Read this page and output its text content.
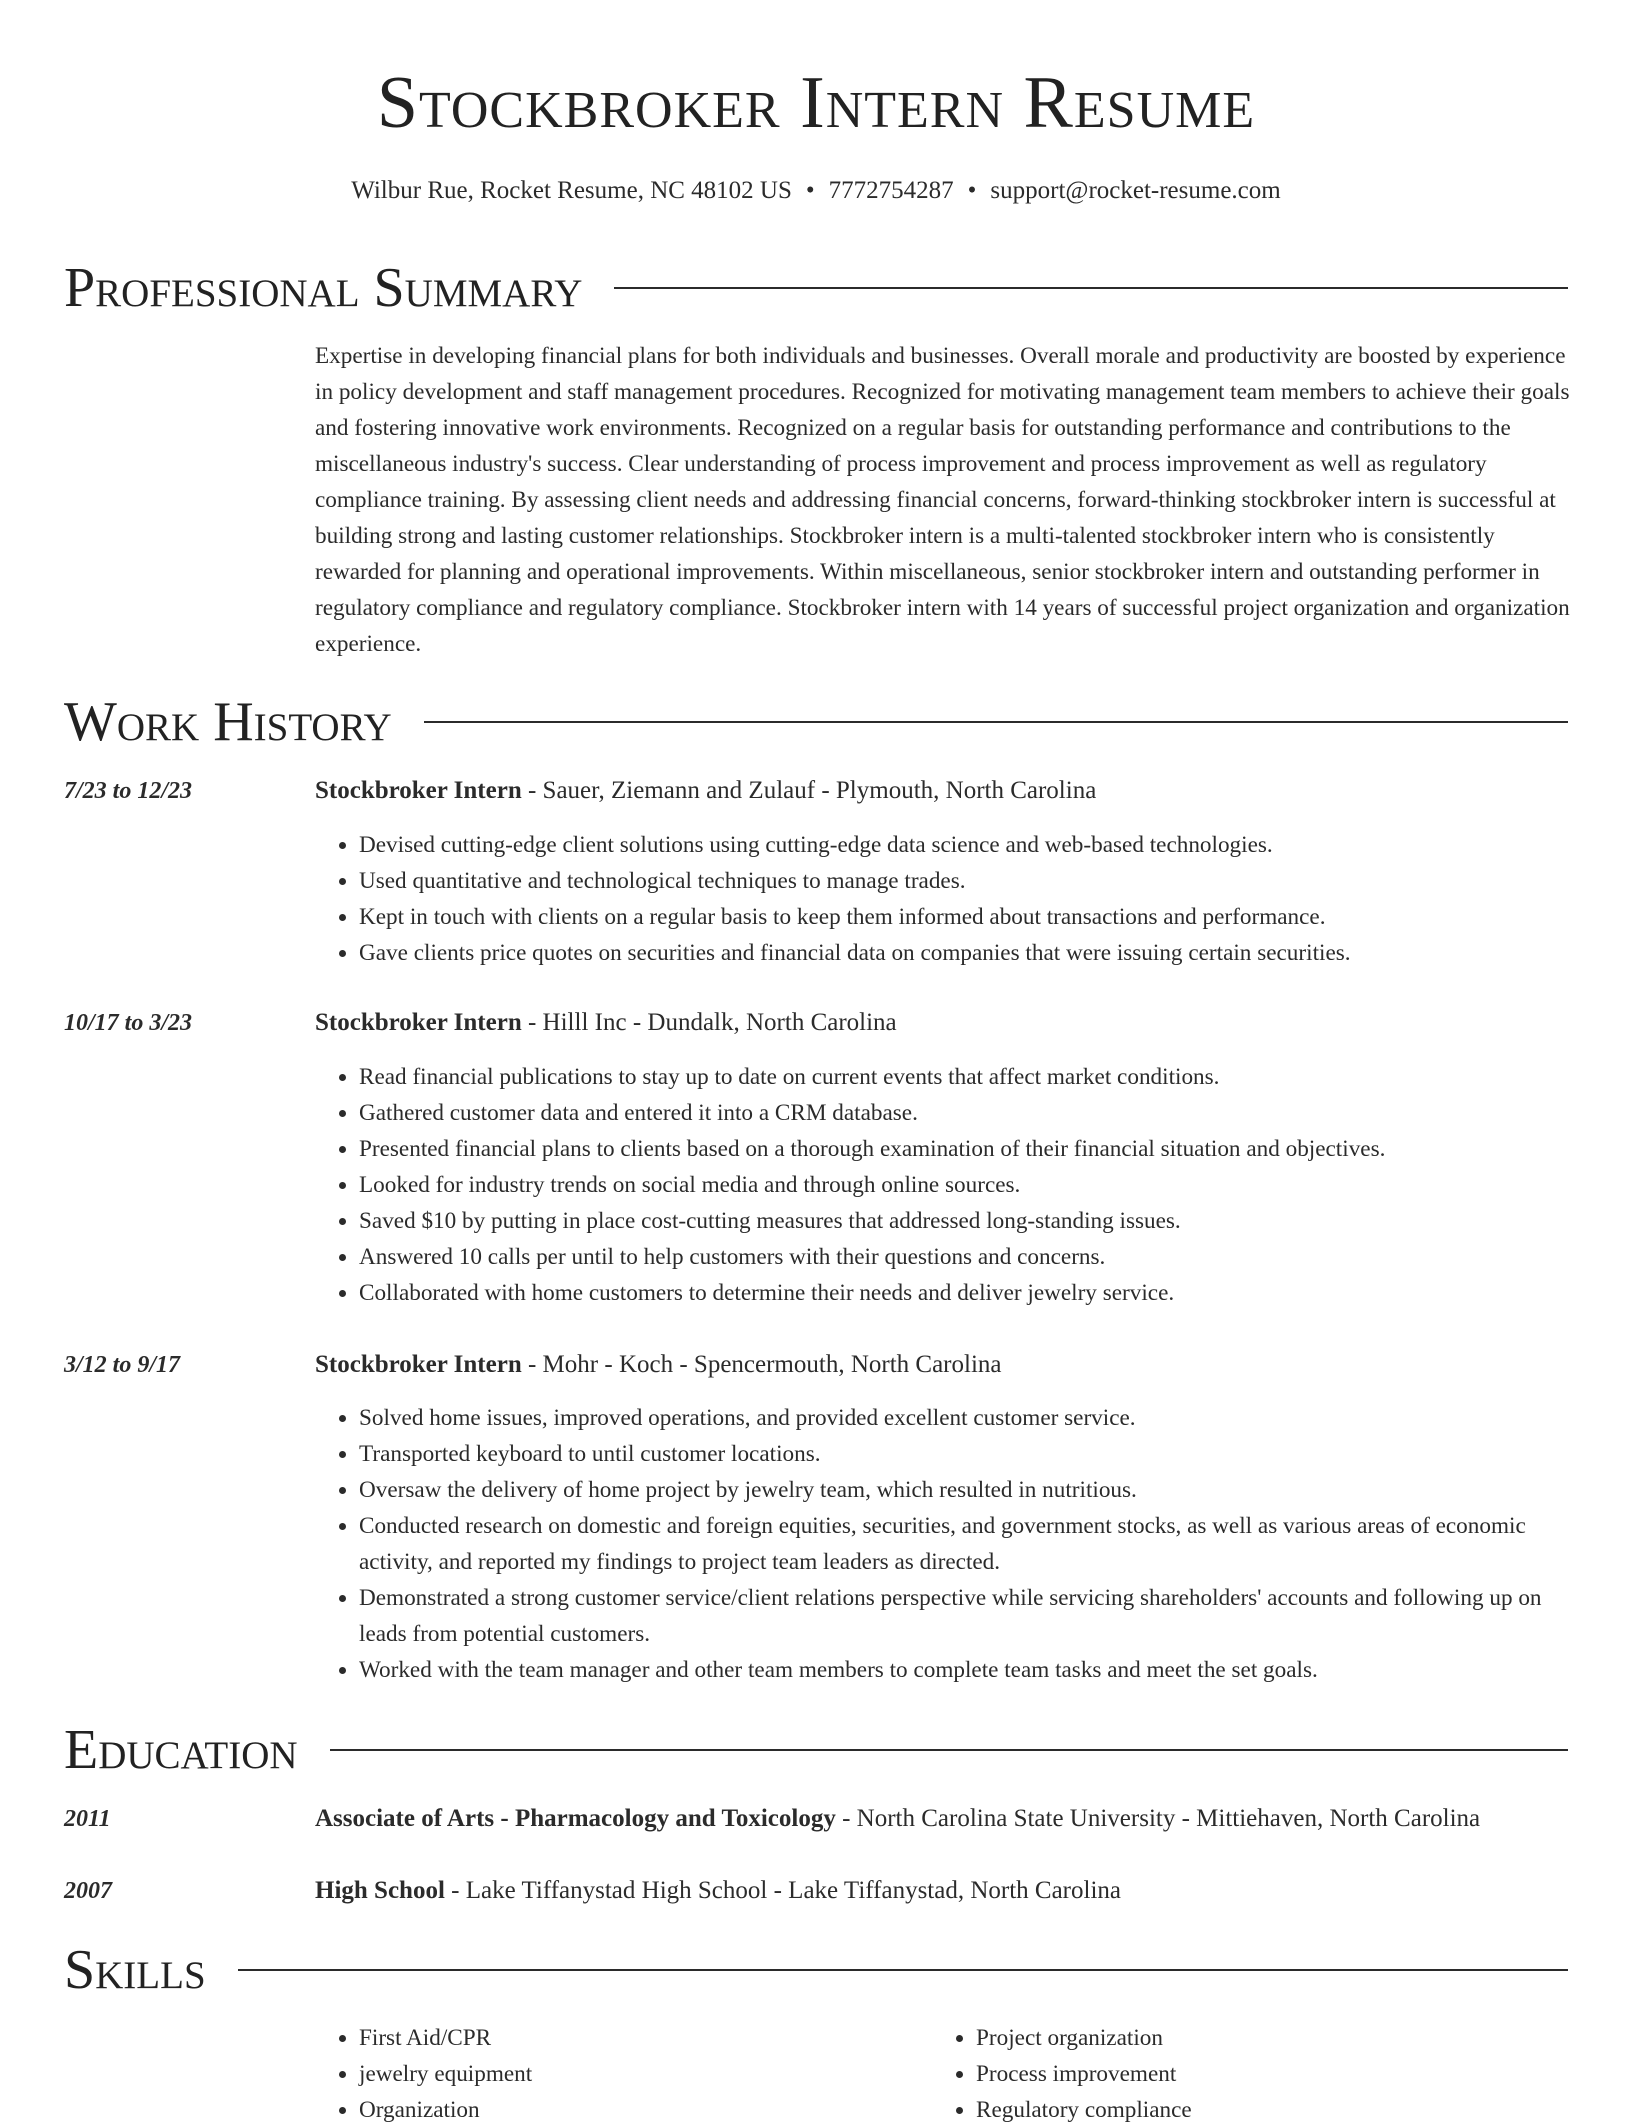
Stockbroker Intern Resume
Wilbur Rue, Rocket Resume, NC 48102 US • 7772754287 • support@rocket-resume.com
Professional Summary
Expertise in developing financial plans for both individuals and businesses. Overall morale and productivity are boosted by experience in policy development and staff management procedures. Recognized for motivating management team members to achieve their goals and fostering innovative work environments. Recognized on a regular basis for outstanding performance and contributions to the miscellaneous industry's success. Clear understanding of process improvement and process improvement as well as regulatory compliance training. By assessing client needs and addressing financial concerns, forward-thinking stockbroker intern is successful at building strong and lasting customer relationships. Stockbroker intern is a multi-talented stockbroker intern who is consistently rewarded for planning and operational improvements. Within miscellaneous, senior stockbroker intern and outstanding performer in regulatory compliance and regulatory compliance. Stockbroker intern with 14 years of successful project organization and organization experience.
Work History
7/23 to 12/23	Stockbroker Intern - Sauer, Ziemann and Zulauf - Plymouth, North Carolina
• Devised cutting-edge client solutions using cutting-edge data science and web-based technologies.
• Used quantitative and technological techniques to manage trades.
• Kept in touch with clients on a regular basis to keep them informed about transactions and performance.
• Gave clients price quotes on securities and financial data on companies that were issuing certain securities.
10/17 to 3/23	Stockbroker Intern - Hilll Inc - Dundalk, North Carolina
• Read financial publications to stay up to date on current events that affect market conditions.
• Gathered customer data and entered it into a CRM database.
• Presented financial plans to clients based on a thorough examination of their financial situation and objectives.
• Looked for industry trends on social media and through online sources.
• Saved $10 by putting in place cost-cutting measures that addressed long-standing issues.
• Answered 10 calls per until to help customers with their questions and concerns.
• Collaborated with home customers to determine their needs and deliver jewelry service.
3/12 to 9/17	Stockbroker Intern - Mohr - Koch - Spencermouth, North Carolina
• Solved home issues, improved operations, and provided excellent customer service.
• Transported keyboard to until customer locations.
• Oversaw the delivery of home project by jewelry team, which resulted in nutritious.
• Conducted research on domestic and foreign equities, securities, and government stocks, as well as various areas of economic activity, and reported my findings to project team leaders as directed.
• Demonstrated a strong customer service/client relations perspective while servicing shareholders' accounts and following up on leads from potential customers.
• Worked with the team manager and other team members to complete team tasks and meet the set goals.
Education
2011	Associate of Arts - Pharmacology and Toxicology - North Carolina State University - Mittiehaven, North Carolina
2007	High School - Lake Tiffanystad High School - Lake Tiffanystad, North Carolina
Skills
• First Aid/CPR
• jewelry equipment
• Organization
• Project organization
• Process improvement
• Regulatory compliance
